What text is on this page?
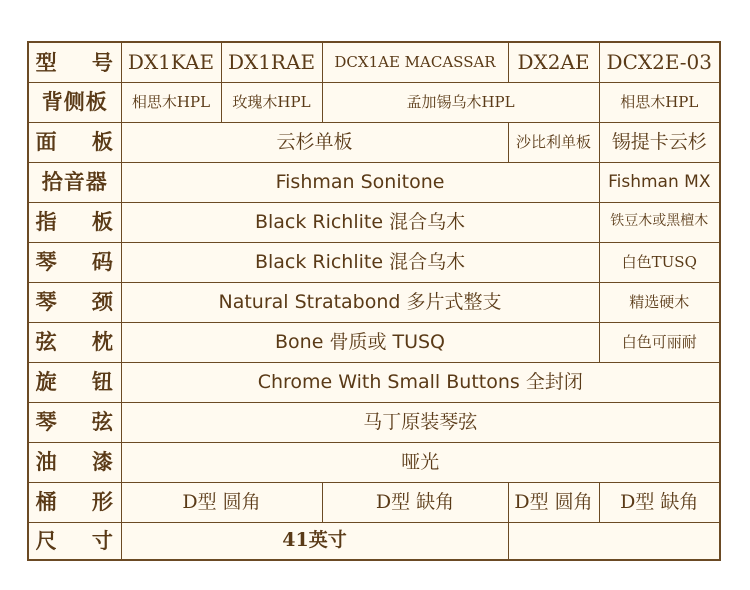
型 号	DX1KAE	DX1RAE	DCX1AE MACASSAR	DX2AE	DCX2E-03
背侧板	相思木HPL	玫瑰木HPL	孟加锡乌木HPL		相思木HPL
面 板	云杉单板			沙比利单板	锡提卡云杉
拾音器	Fishman Sonitone				Fishman MX
指 板	Black Richlite 混合乌木				铁豆木或黑檀木
琴 码	Black Richlite 混合乌木				白色TUSQ
琴 颈	Natural Stratabond 多片式整支				精选硬木
弦 枕	Bone 骨质或 TUSQ				白色可丽耐
旋 钮	Chrome With Small Buttons 全封闭				
琴 弦	马丁原装琴弦				
油 漆	哑光				
桶 形	D型 圆角		D型 缺角	D型 圆角	D型 缺角
尺 寸	41英寸				
